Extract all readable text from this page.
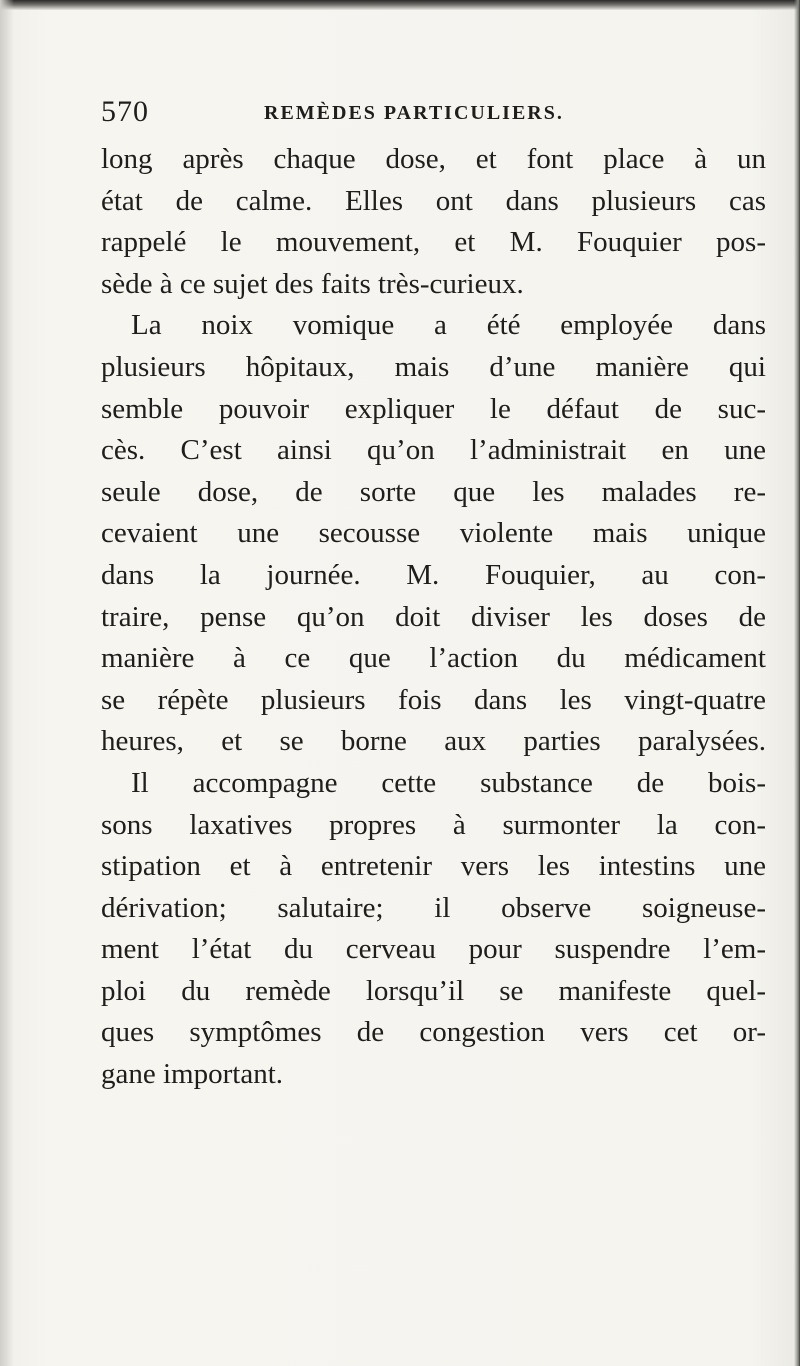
570	REMÈDES PARTICULIERS.
long après chaque dose, et font place à un
état de calme. Elles ont dans plusieurs cas
rappelé le mouvement, et M. Fouquier pos-
sède à ce sujet des faits très-curieux.
La noix vomique a été employée dans
plusieurs hôpitaux, mais d’une manière qui
semble pouvoir expliquer le défaut de suc-
cès. C’est ainsi qu’on l’administrait en une
seule dose, de sorte que les malades re-
cevaient une secousse violente mais unique
dans la journée. M. Fouquier, au con-
traire, pense qu’on doit diviser les doses de
manière à ce que l’action du médicament
se répète plusieurs fois dans les vingt-quatre
heures, et se borne aux parties paralysées.
Il accompagne cette substance de bois-
sons laxatives propres à surmonter la con-
stipation et à entretenir vers les intestins une
dérivation; salutaire; il observe soigneuse-
ment l’état du cerveau pour suspendre l’em-
ploi du remède lorsqu’il se manifeste quel-
ques symptômes de congestion vers cet or-
gane important.
